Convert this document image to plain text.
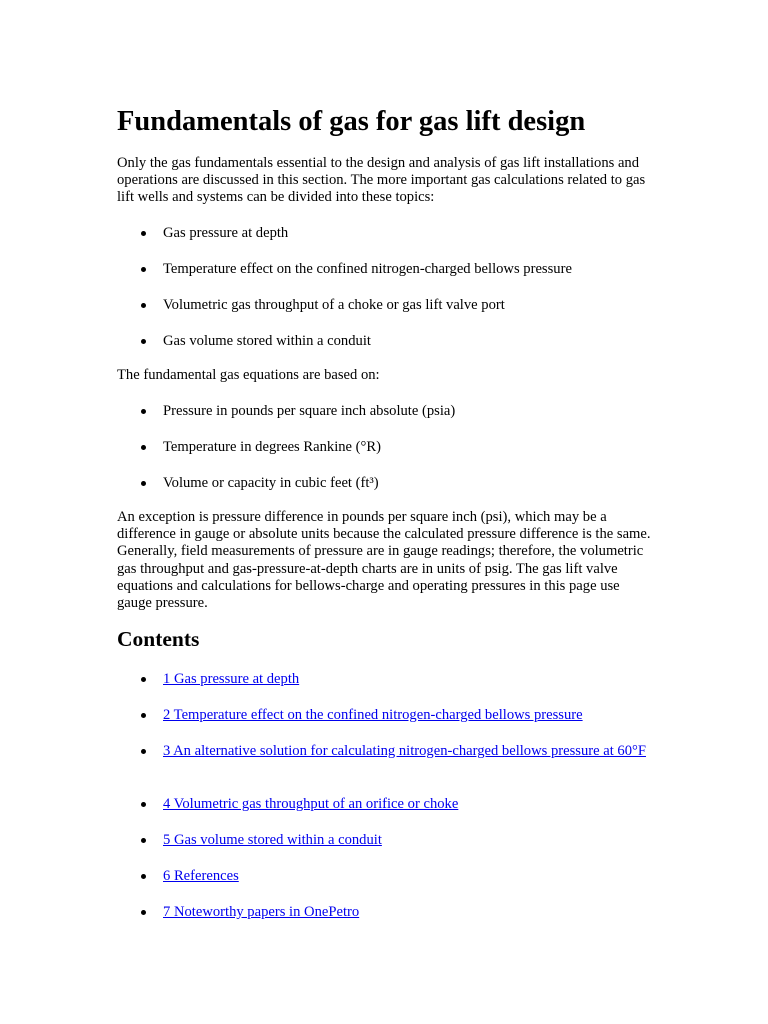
Fundamentals of gas for gas lift design

Only the gas fundamentals essential to the design and analysis of gas lift installations and operations are discussed in this section. The more important gas calculations related to gas lift wells and systems can be divided into these topics:

Gas pressure at depth
Temperature effect on the confined nitrogen-charged bellows pressure
Volumetric gas throughput of a choke or gas lift valve port
Gas volume stored within a conduit

The fundamental gas equations are based on:

Pressure in pounds per square inch absolute (psia)
Temperature in degrees Rankine (°R)
Volume or capacity in cubic feet (ft³)

An exception is pressure difference in pounds per square inch (psi), which may be a difference in gauge or absolute units because the calculated pressure difference is the same. Generally, field measurements of pressure are in gauge readings; therefore, the volumetric gas throughput and gas-pressure-at-depth charts are in units of psig. The gas lift valve equations and calculations for bellows-charge and operating pressures in this page use gauge pressure.

Contents
1 Gas pressure at depth
2 Temperature effect on the confined nitrogen-charged bellows pressure
3 An alternative solution for calculating nitrogen-charged bellows pressure at 60°F
4 Volumetric gas throughput of an orifice or choke
5 Gas volume stored within a conduit
6 References
7 Noteworthy papers in OnePetro
